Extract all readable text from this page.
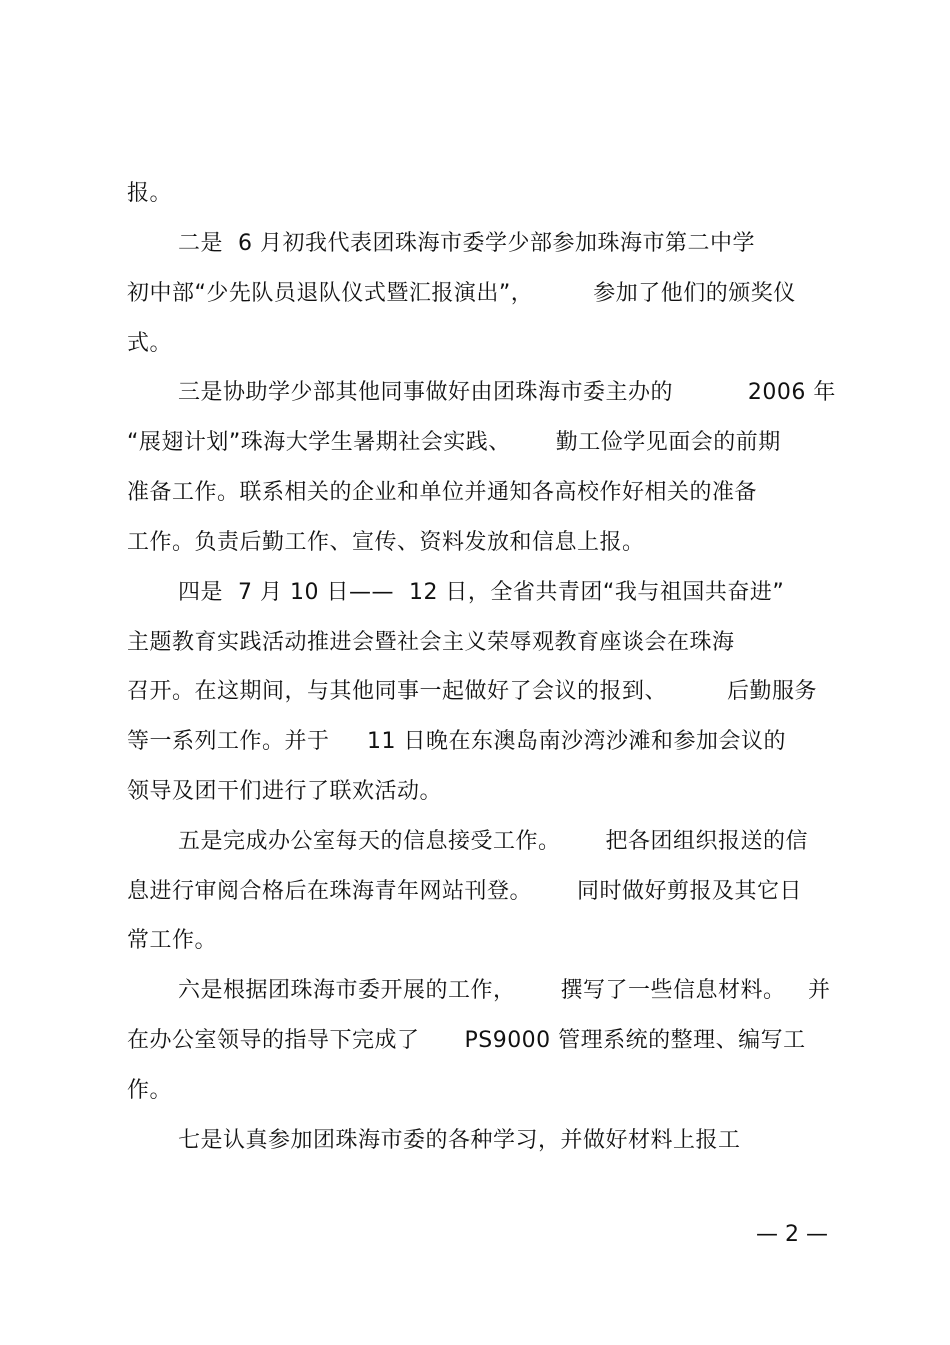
报。
二是  6 月初我代表团珠海市委学少部参加珠海市第二中学
初中部“少先队员退队仪式暨汇报演出”，        参加了他们的颁奖仪
式。
三是协助学少部其他同事做好由团珠海市委主办的          2006 年
“展翅计划”珠海大学生暑期社会实践、      勤工俭学见面会的前期
准备工作。联系相关的企业和单位并通知各高校作好相关的准备
工作。负责后勤工作、宣传、资料发放和信息上报。
四是  7 月 10 日——  12 日，全省共青团“我与祖国共奋进”
主题教育实践活动推进会暨社会主义荣辱观教育座谈会在珠海
召开。在这期间，与其他同事一起做好了会议的报到、        后勤服务
等一系列工作。并于     11 日晚在东澳岛南沙湾沙滩和参加会议的
领导及团干们进行了联欢活动。
五是完成办公室每天的信息接受工作。      把各团组织报送的信
息进行审阅合格后在珠海青年网站刊登。      同时做好剪报及其它日
常工作。
六是根据团珠海市委开展的工作，      撰写了一些信息材料。   并
在办公室领导的指导下完成了      PS9000 管理系统的整理、编写工
作。
七是认真参加团珠海市委的各种学习，并做好材料上报工
— 2 —
